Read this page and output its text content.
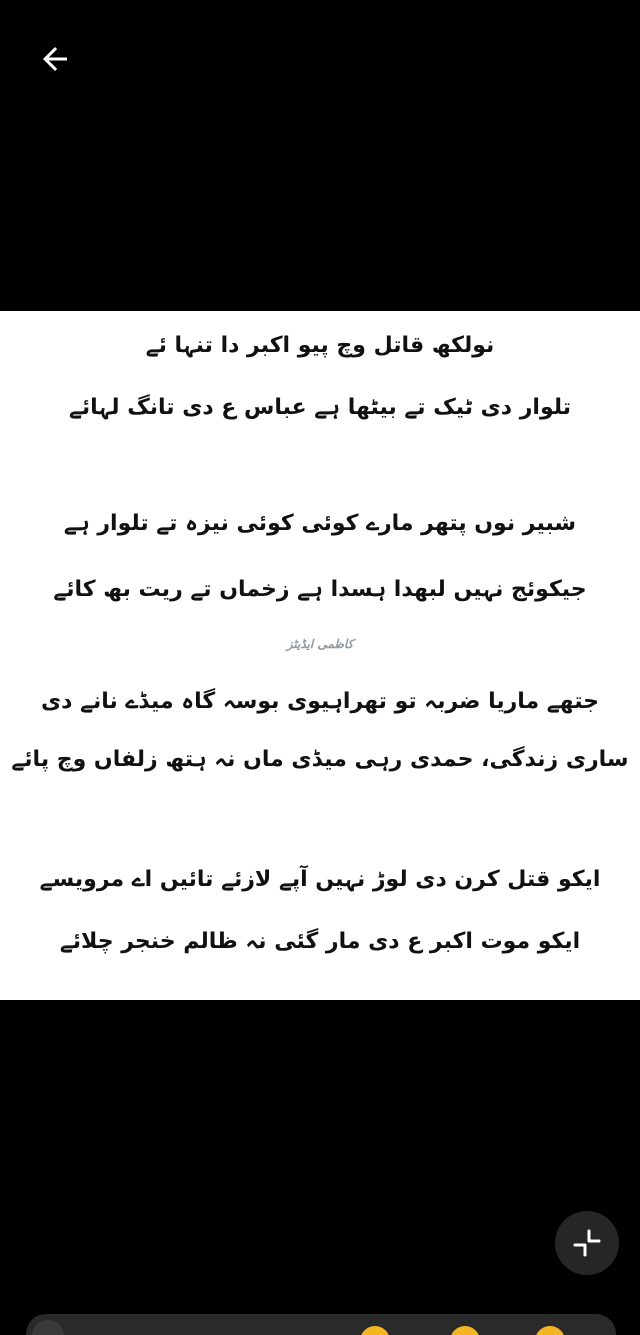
نولکھ قاتل وچ پیو اکبر دا تنہا ئے
تلوار دی ٹیک تے بیٹھا ہے عباس ع دی تانگ لہائے
شبیر نوں پتھر مارے کوئی کوئی نیزہ تے تلوار ہے
جیکوئج نہیں لبھدا ہسدا ہے زخماں تے ریت بھ کائے
کاظمی ایڈیٹز
جتھے ماریا ضربہ تو تھراہیوی بوسہ گاہ میڈے نانے دی
ساری زندگی، حمدی رہی میڈی ماں نہ ہتھ زلفاں وچ پائے
ایکو قتل کرن دی لوڑ نہیں آپے لازئے تائیں اے مرویسے
ایکو موت اکبر ع دی مار گئی نہ ظالم خنجر چلائے
